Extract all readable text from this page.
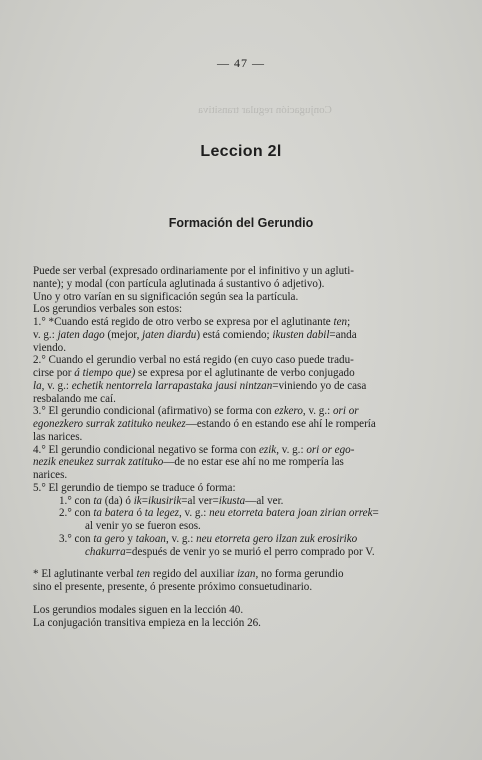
— 47 —
Conjugación regular transitiva
Leccion 2l
Formación del Gerundio

Puede ser verbal (expresado ordinariamente por el infinitivo y un agluti-

nante); y modal (con partícula aglutinada á sustantivo ó adjetivo).

Uno y otro varían en su significación según sea la partícula.

Los gerundios verbales son estos:

1.° *Cuando está regido de otro verbo se expresa por el aglutinante ten;

v. g.: jaten dago (mejor, jaten diardu) está comiendo; ikusten dabil=anda

viendo.

2.° Cuando el gerundio verbal no está regido (en cuyo caso puede tradu-

cirse por á tiempo que) se expresa por el aglutinante de verbo conjugado

la, v. g.: echetik nentorrela larrapastaka jausi nintzan=viniendo yo de casa

resbalando me caí.

3.° El gerundio condicional (afirmativo) se forma con ezkero, v. g.: ori or

egonezkero surrak zatituko neukez—estando ó en estando ese ahí le rompería

las narices.

4.° El gerundio condicional negativo se forma con ezik, v. g.: ori or ego-

nezik eneukez surrak zatituko—de no estar ese ahí no me rompería las

narices.

5.° El gerundio de tiempo se traduce ó forma:

1.° con ta (da) ó ik=ikusirik=al ver=ikusta—al ver.

2.° con ta batera ó ta legez, v. g.: neu etorreta batera joan zirian orrek=

al venir yo se fueron esos.

3.° con ta gero y takoan, v. g.: neu etorreta gero ilzan zuk erosiriko

chakurra=después de venir yo se murió el perro comprado por V.

* El aglutinante verbal ten regido del auxiliar izan, no forma gerundio

sino el presente, presente, ó presente próximo consuetudinario.

Los gerundios modales siguen en la lección 40.

La conjugación transitiva empieza en la lección 26.
